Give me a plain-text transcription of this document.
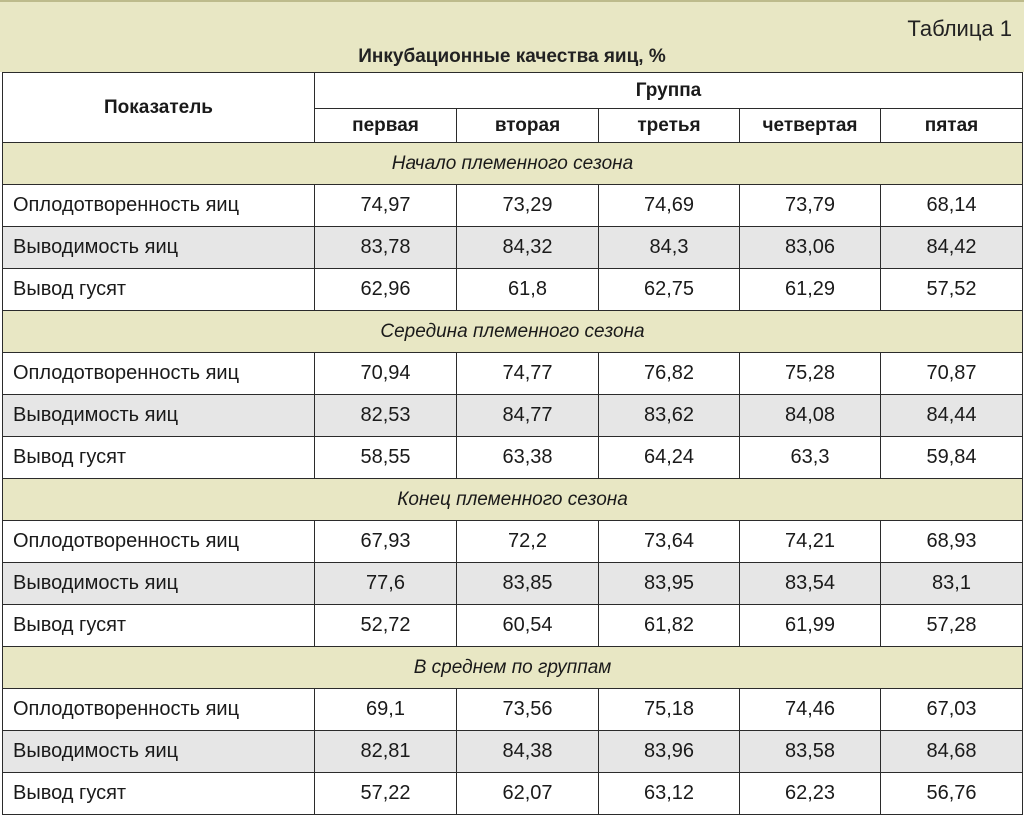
Таблица 1
Инкубационные качества яиц, %
Показатель	Группа				
	первая	вторая	третья	четвертая	пятая
Начало племенного сезона					
Оплодотворенность яиц	74,97	73,29	74,69	73,79	68,14
Выводимость яиц	83,78	84,32	84,3	83,06	84,42
Вывод гусят	62,96	61,8	62,75	61,29	57,52
Середина племенного сезона					
Оплодотворенность яиц	70,94	74,77	76,82	75,28	70,87
Выводимость яиц	82,53	84,77	83,62	84,08	84,44
Вывод гусят	58,55	63,38	64,24	63,3	59,84
Конец племенного сезона					
Оплодотворенность яиц	67,93	72,2	73,64	74,21	68,93
Выводимость яиц	77,6	83,85	83,95	83,54	83,1
Вывод гусят	52,72	60,54	61,82	61,99	57,28
В среднем по группам					
Оплодотворенность яиц	69,1	73,56	75,18	74,46	67,03
Выводимость яиц	82,81	84,38	83,96	83,58	84,68
Вывод гусят	57,22	62,07	63,12	62,23	56,76
